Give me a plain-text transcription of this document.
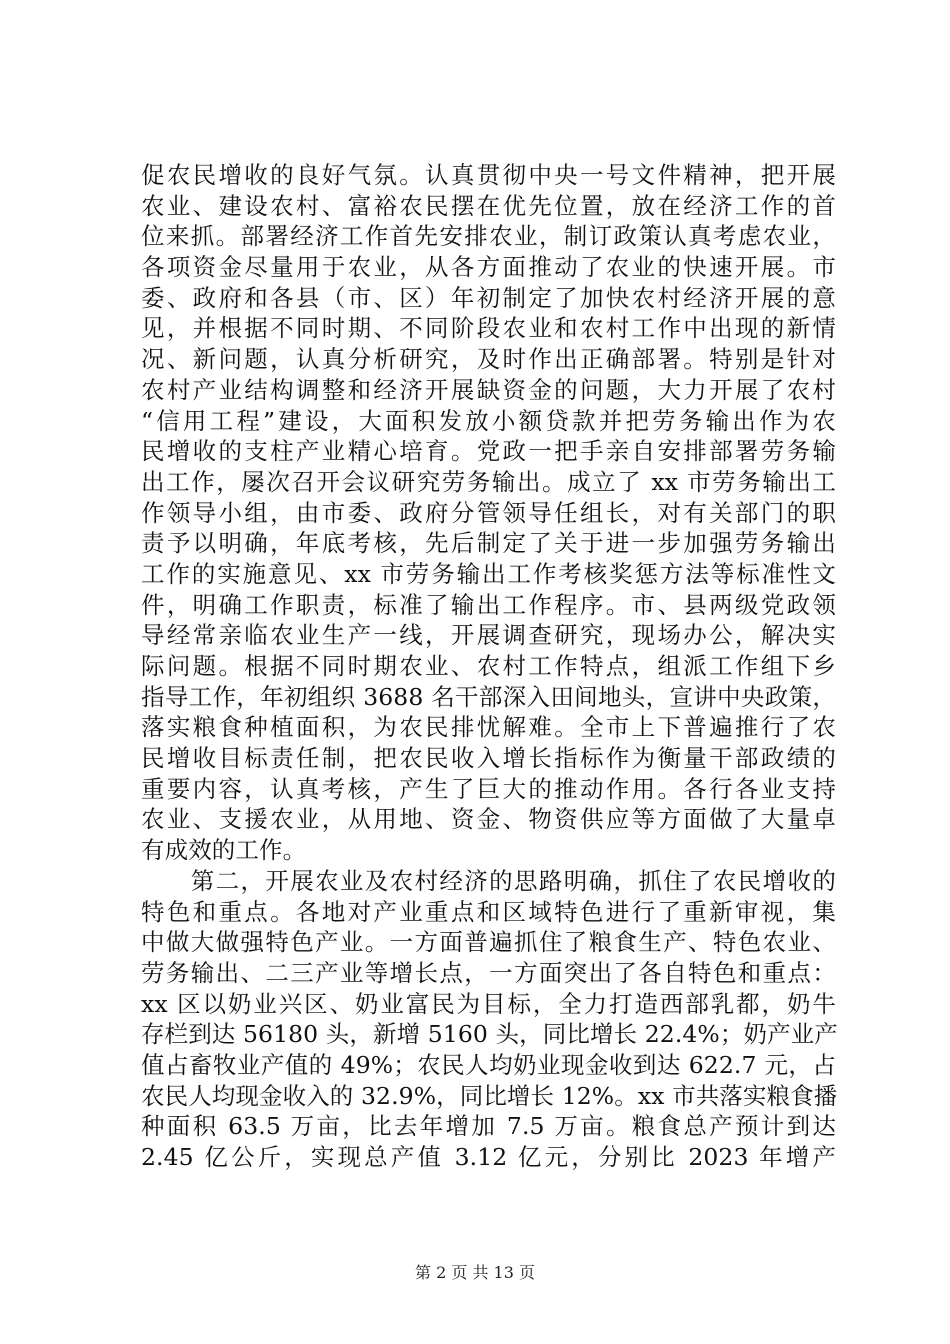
促农民增收的良好气氛。认真贯彻中央一号文件精神，把开展
农业、建设农村、富裕农民摆在优先位置，放在经济工作的首
位来抓。部署经济工作首先安排农业，制订政策认真考虑农业，
各项资金尽量用于农业，从各方面推动了农业的快速开展。市
委、政府和各县（市、区）年初制定了加快农村经济开展的意
见，并根据不同时期、不同阶段农业和农村工作中出现的新情
况、新问题，认真分析研究，及时作出正确部署。特别是针对
农村产业结构调整和经济开展缺资金的问题，大力开展了农村
“信用工程”建设，大面积发放小额贷款并把劳务输出作为农
民增收的支柱产业精心培育。党政一把手亲自安排部署劳务输
出工作，屡次召开会议研究劳务输出。成立了 xx 市劳务输出工
作领导小组，由市委、政府分管领导任组长，对有关部门的职
责予以明确，年底考核，先后制定了关于进一步加强劳务输出
工作的实施意见、xx 市劳务输出工作考核奖惩方法等标准性文
件，明确工作职责，标准了输出工作程序。市、县两级党政领
导经常亲临农业生产一线，开展调查研究，现场办公，解决实
际问题。根据不同时期农业、农村工作特点，组派工作组下乡
指导工作，年初组织 3688 名干部深入田间地头，宣讲中央政策，
落实粮食种植面积，为农民排忧解难。全市上下普遍推行了农
民增收目标责任制，把农民收入增长指标作为衡量干部政绩的
重要内容，认真考核，产生了巨大的推动作用。各行各业支持
农业、支援农业，从用地、资金、物资供应等方面做了大量卓
有成效的工作。
　　第二，开展农业及农村经济的思路明确，抓住了农民增收的
特色和重点。各地对产业重点和区域特色进行了重新审视，集
中做大做强特色产业。一方面普遍抓住了粮食生产、特色农业、
劳务输出、二三产业等增长点，一方面突出了各自特色和重点：
xx 区以奶业兴区、奶业富民为目标，全力打造西部乳都，奶牛
存栏到达 56180 头，新增 5160 头，同比增长 22.4%；奶产业产
值占畜牧业产值的 49%；农民人均奶业现金收到达 622.7 元，占
农民人均现金收入的 32.9%，同比增长 12%。xx 市共落实粮食播
种面积 63.5 万亩，比去年增加 7.5 万亩。粮食总产预计到达
2.45 亿公斤，实现总产值 3.12 亿元，分别比 2023 年增产
第 2 页 共 13 页
